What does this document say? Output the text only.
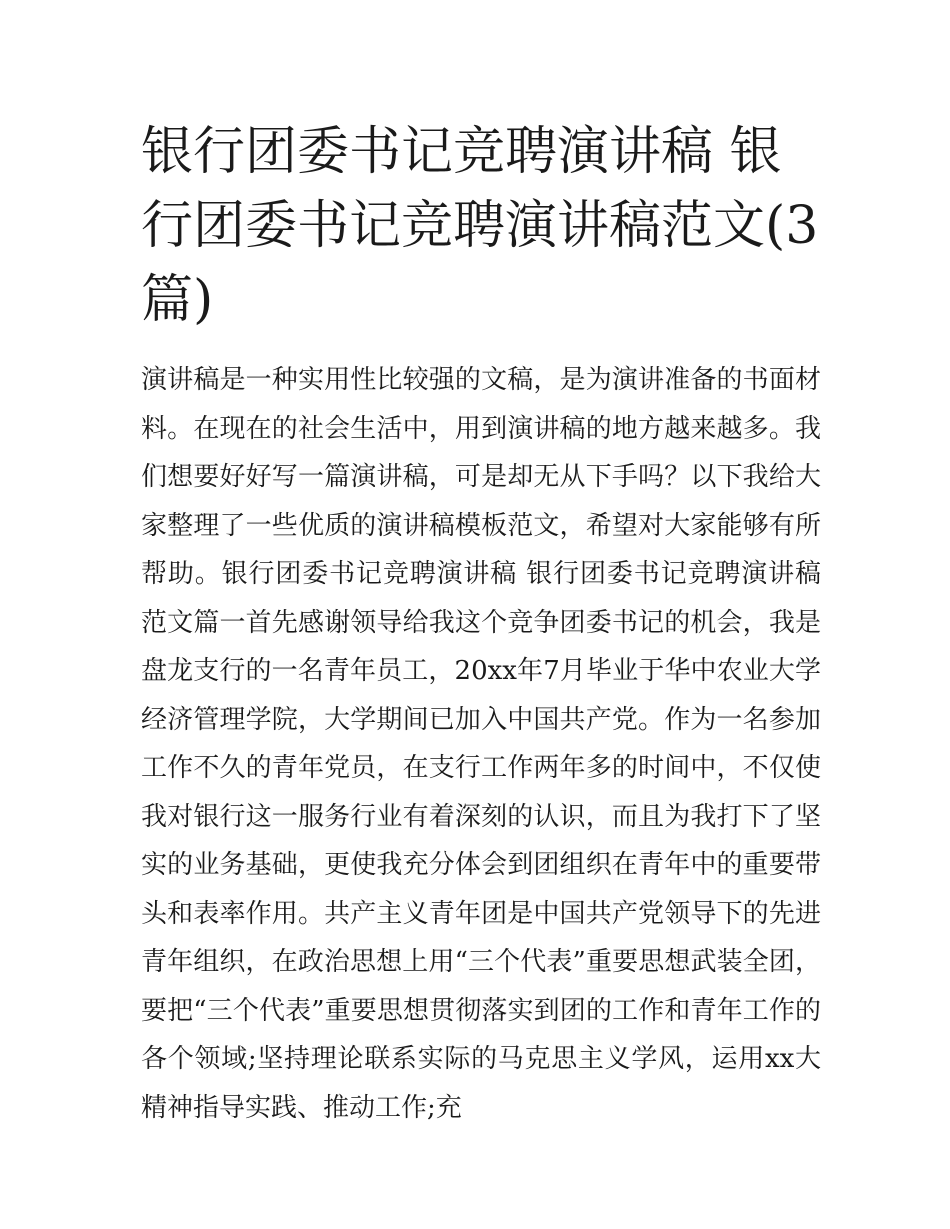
银行团委书记竞聘演讲稿 银行团委书记竞聘演讲稿范文(3篇)

演讲稿是一种实用性比较强的文稿，是为演讲准备的书面材料。在现在的社会生活中，用到演讲稿的地方越来越多。我们想要好好写一篇演讲稿，可是却无从下手吗？以下我给大家整理了一些优质的演讲稿模板范文，希望对大家能够有所帮助。银行团委书记竞聘演讲稿 银行团委书记竞聘演讲稿范文篇一首先感谢领导给我这个竞争团委书记的机会，我是盘龙支行的一名青年员工，20xx年7月毕业于华中农业大学经济管理学院，大学期间已加入中国共产党。作为一名参加工作不久的青年党员，在支行工作两年多的时间中，不仅使我对银行这一服务行业有着深刻的认识，而且为我打下了坚实的业务基础，更使我充分体会到团组织在青年中的重要带头和表率作用。共产主义青年团是中国共产党领导下的先进青年组织，在政治思想上用“三个代表”重要思想武装全团，要把“三个代表”重要思想贯彻落实到团的工作和青年工作的各个领域;坚持理论联系实际的马克思主义学风，运用xx大精神指导实践、推动工作;充
